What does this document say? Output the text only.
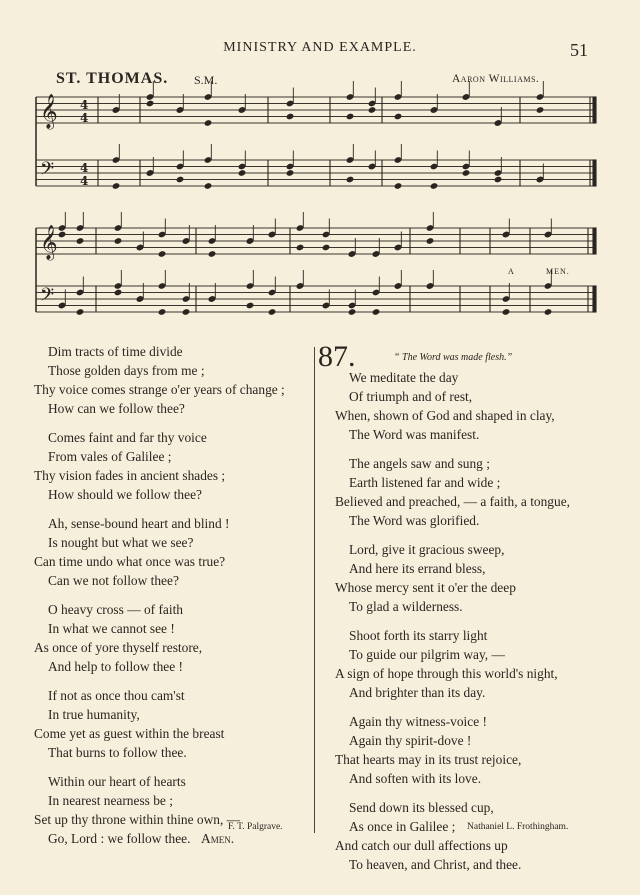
MINISTRY AND EXAMPLE.	51
ST. THOMAS. S.M.	Aaron Williams.
𝄞
𝄢
𝄞
𝄢
4
4
4
4
A	MEN.
Dim tracts of time divide
Those golden days from me ;
Thy voice comes strange o'er years of change ;
How can we follow thee?
Comes faint and far thy voice
From vales of Galilee ;
Thy vision fades in ancient shades ;
How should we follow thee?
Ah, sense-bound heart and blind !
Is nought but what we see?
Can time undo what once was true?
Can we not follow thee?
O heavy cross — of faith
In what we cannot see !
As once of yore thyself restore,
And help to follow thee !
If not as once thou cam'st
In true humanity,
Come yet as guest within the breast
That burns to follow thee.
Within our heart of hearts
In nearest nearness be ;
Set up thy throne within thine own, —
Go, Lord : we follow thee. Amen.
F. T. Palgrave.
87.	“ The Word was made flesh.”
We meditate the day
Of triumph and of rest,
When, shown of God and shaped in clay,
The Word was manifest.
The angels saw and sung ;
Earth listened far and wide ;
Believed and preached, — a faith, a tongue,
The Word was glorified.
Lord, give it gracious sweep,
And here its errand bless,
Whose mercy sent it o'er the deep
To glad a wilderness.
Shoot forth its starry light
To guide our pilgrim way, —
A sign of hope through this world's night,
And brighter than its day.
Again thy witness-voice !
Again thy spirit-dove !
That hearts may in its trust rejoice,
And soften with its love.
Send down its blessed cup,
As once in Galilee ;
And catch our dull affections up
To heaven, and Christ, and thee.
Nathaniel L. Frothingham.
